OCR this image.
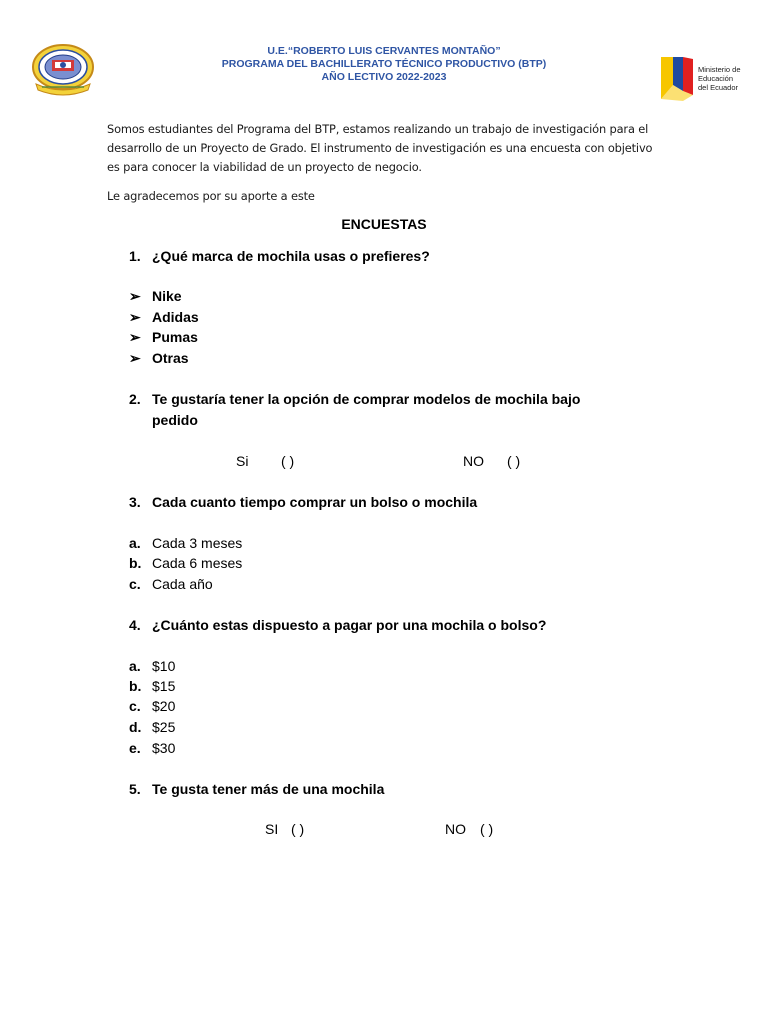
U.E.“ROBERTO LUIS CERVANTES MONTAÑO”
PROGRAMA DEL BACHILLERATO TÉCNICO PRODUCTIVO (BTP)
AÑO LECTIVO 2022-2023
Ministerio de
Educación
del Ecuador
Somos estudiantes del Programa del BTP, estamos realizando un trabajo de investigación para el
desarrollo de un Proyecto de Grado. El instrumento de investigación es una encuesta con objetivo
es para conocer la viabilidad de un proyecto de negocio.
Le agradecemos por su aporte a este
ENCUESTAS
1. ¿Qué marca de mochila usas o prefieres?
➢ Nike
➢ Adidas
➢ Pumas
➢ Otras
2. Te gustaría tener la opción de comprar modelos de mochila bajo
pedido
Si ( )	NO ( )
3. Cada cuanto tiempo comprar un bolso o mochila
a. Cada 3 meses
b. Cada 6 meses
c. Cada año
4. ¿Cuánto estas dispuesto a pagar por una mochila o bolso?
a. $10
b. $15
c. $20
d. $25
e. $30
5. Te gusta tener más de una mochila
SI ( )	NO ( )
